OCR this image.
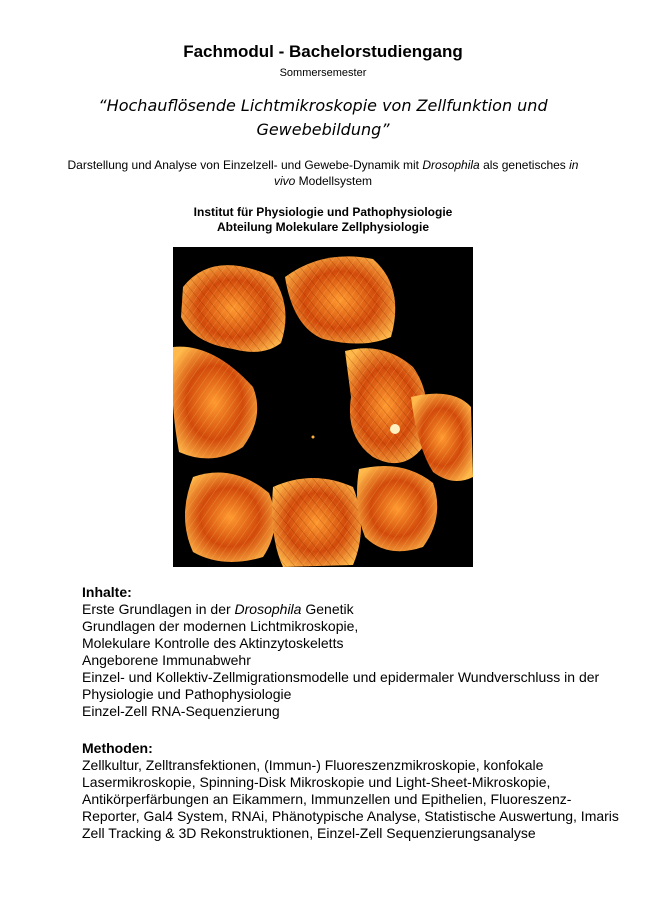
Fachmodul - Bachelorstudiengang
Sommersemester
“Hochauflösende Lichtmikroskopie von Zellfunktion und Gewebebildung”
Darstellung und Analyse von Einzelzell- und Gewebe-Dynamik mit Drosophila als genetisches in vivo Modellsystem
Institut für Physiologie und Pathophysiologie
Abteilung Molekulare Zellphysiologie
Inhalte:

Erste Grundlagen in der Drosophila Genetik

Grundlagen der modernen Lichtmikroskopie,

Molekulare Kontrolle des Aktinzytoskeletts

Angeborene Immunabwehr

Einzel- und Kollektiv-Zellmigrationsmodelle und epidermaler Wundverschluss in der Physiologie und Pathophysiologie

Einzel-Zell RNA-Sequenzierung

Methoden:

Zellkultur, Zelltransfektionen, (Immun-) Fluoreszenzmikroskopie, konfokale Lasermikroskopie, Spinning-Disk Mikroskopie und Light-Sheet-Mikroskopie, Antikörperfärbungen an Eikammern, Immunzellen und Epithelien, Fluoreszenz-Reporter, Gal4 System, RNAi, Phänotypische Analyse, Statistische Auswertung, Imaris Zell Tracking & 3D Rekonstruktionen, Einzel-Zell Sequenzierungsanalyse
